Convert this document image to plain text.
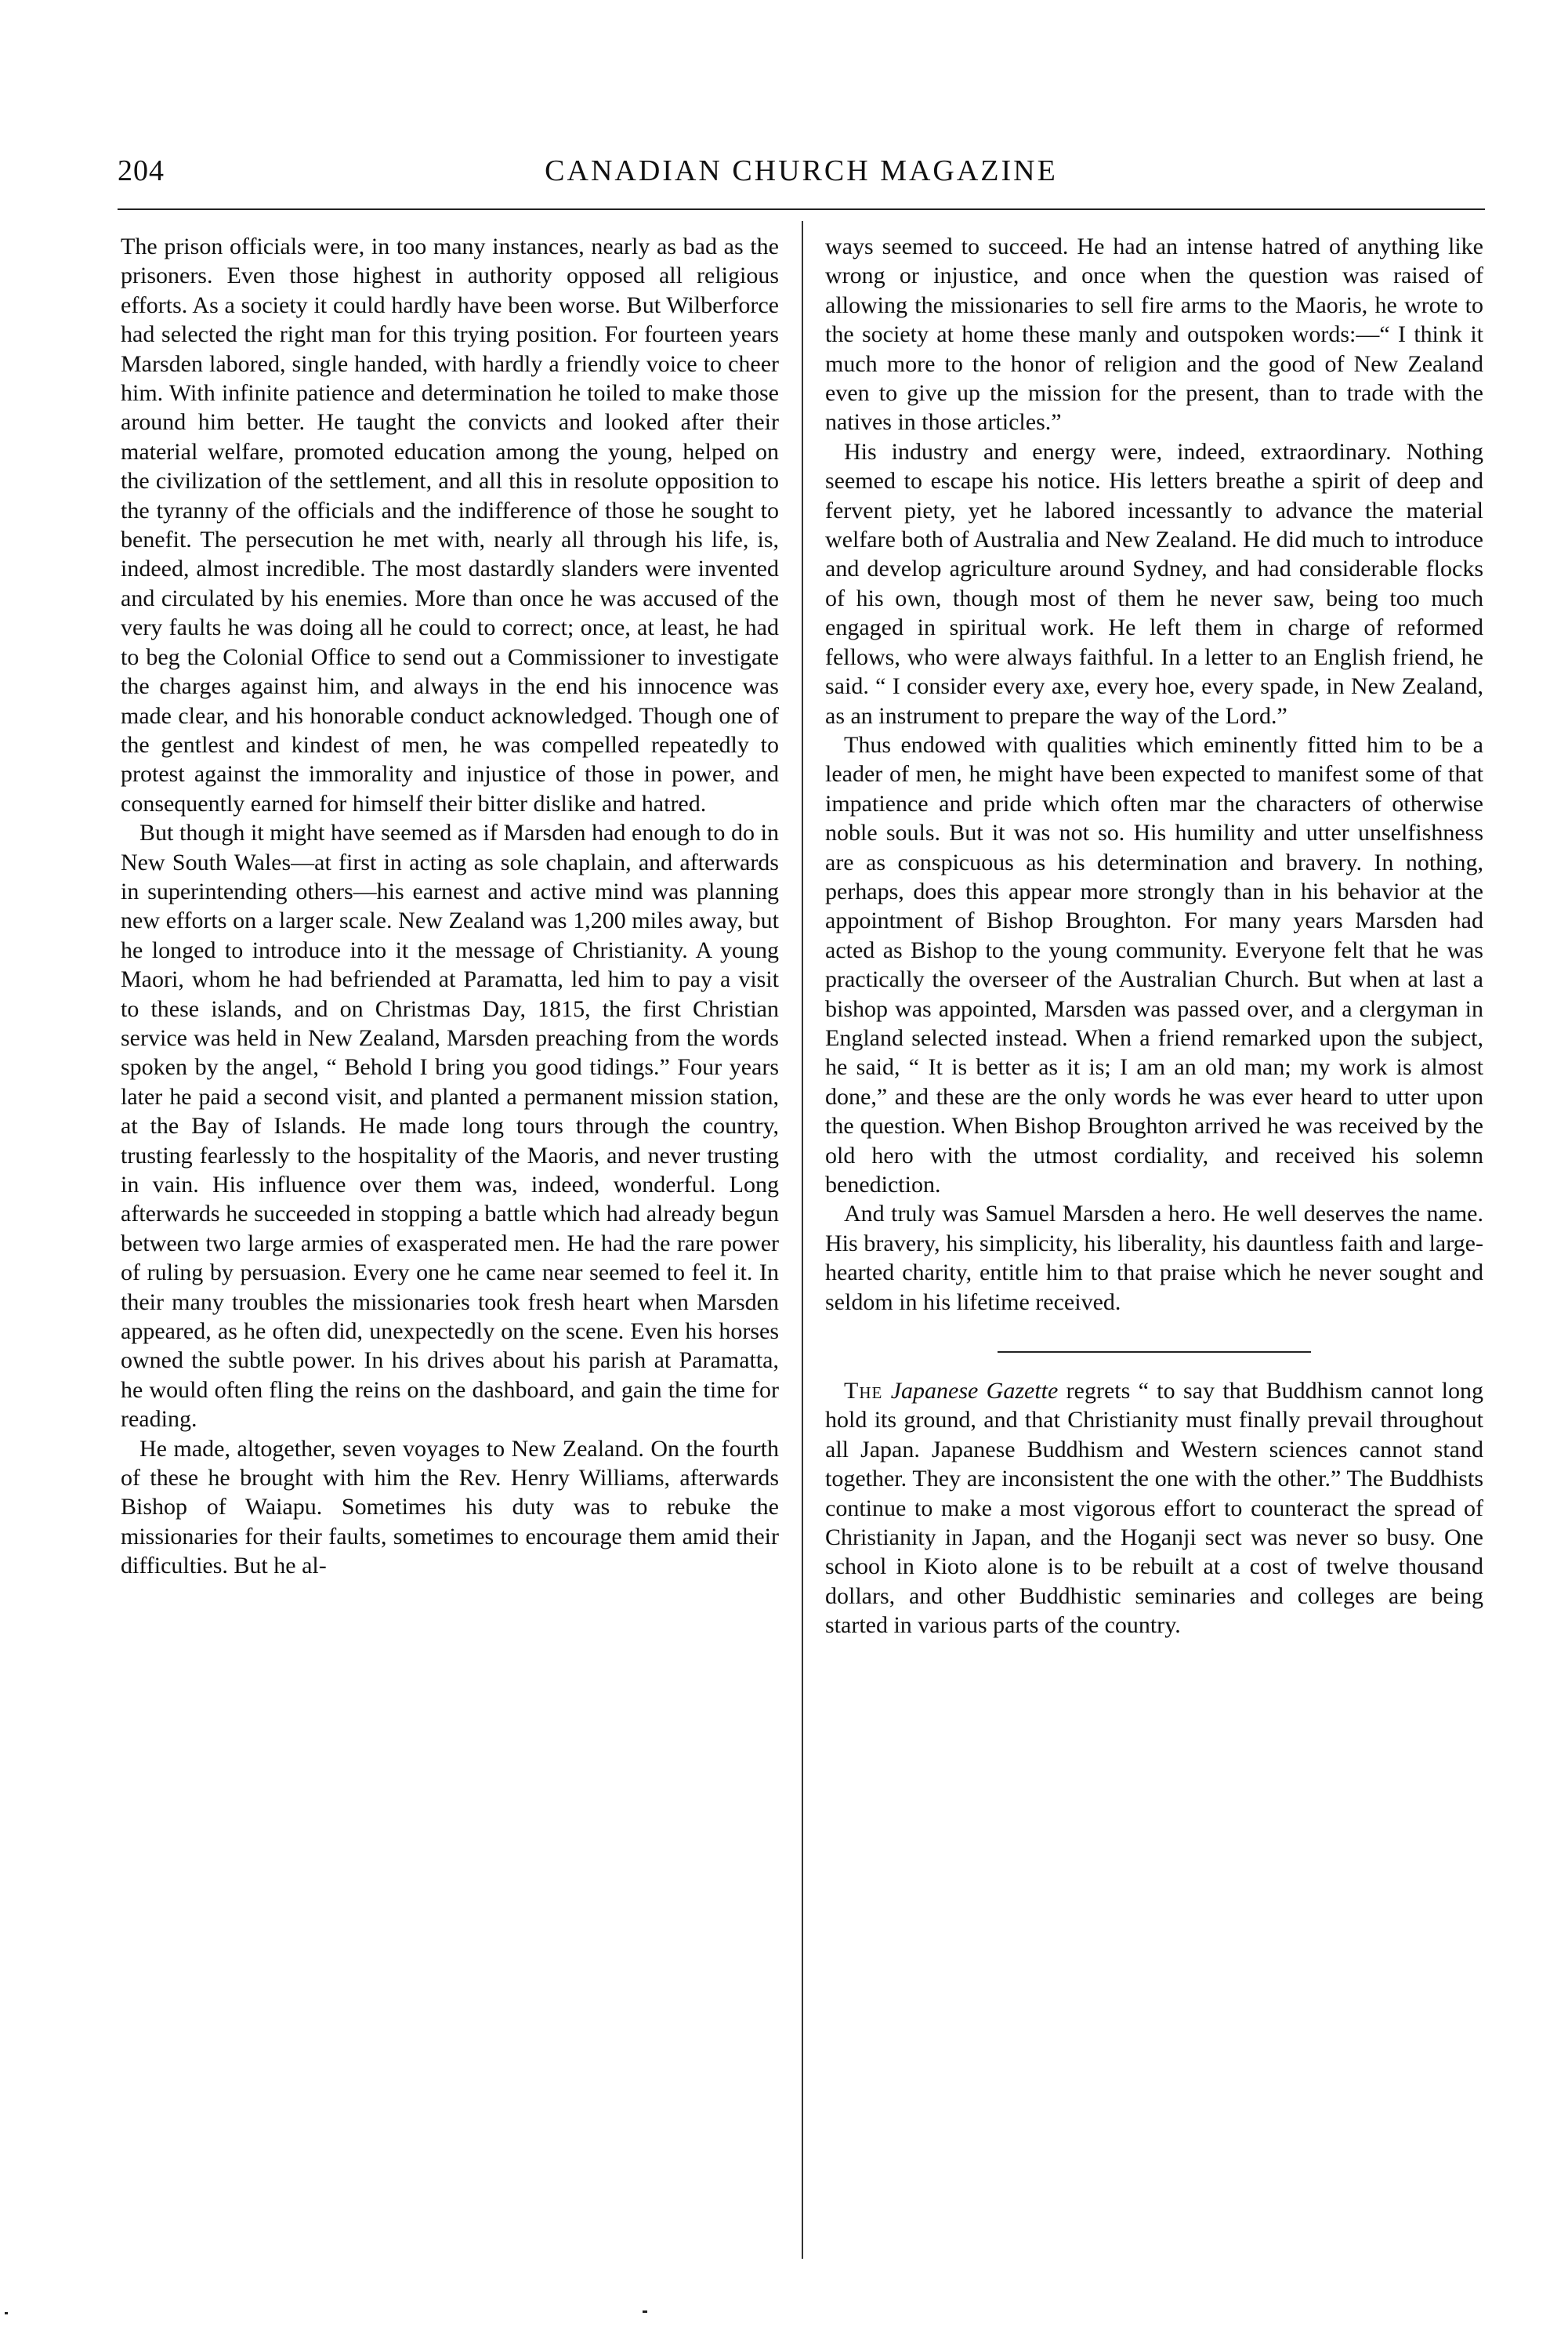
204	CANADIAN CHURCH MAGAZINE

The prison officials were, in too many instances, nearly as bad as the prisoners. Even those highest in authority opposed all religious efforts. As a society it could hardly have been worse. But Wilberforce had selected the right man for this trying position. For fourteen years Marsden labored, single handed, with hardly a friendly voice to cheer him. With infinite patience and determination he toiled to make those around him better. He taught the convicts and looked after their material welfare, promoted education among the young, helped on the civilization of the settlement, and all this in resolute opposition to the tyranny of the officials and the indifference of those he sought to benefit. The persecution he met with, nearly all through his life, is, indeed, almost incredible. The most dastardly slanders were invented and circulated by his enemies. More than once he was accused of the very faults he was doing all he could to correct; once, at least, he had to beg the Colonial Office to send out a Commissioner to investigate the charges against him, and always in the end his innocence was made clear, and his honorable conduct acknowledged. Though one of the gentlest and kindest of men, he was compelled repeatedly to protest against the immorality and injustice of those in power, and consequently earned for himself their bitter dislike and hatred.

But though it might have seemed as if Marsden had enough to do in New South Wales—at first in acting as sole chaplain, and afterwards in superintending others—his earnest and active mind was planning new efforts on a larger scale. New Zealand was 1,200 miles away, but he longed to introduce into it the message of Christianity. A young Maori, whom he had befriended at Paramatta, led him to pay a visit to these islands, and on Christmas Day, 1815, the first Christian service was held in New Zealand, Marsden preaching from the words spoken by the angel, “ Behold I bring you good tidings.” Four years later he paid a second visit, and planted a permanent mission station, at the Bay of Islands. He made long tours through the country, trusting fearlessly to the hospitality of the Maoris, and never trusting in vain. His influence over them was, indeed, wonderful. Long afterwards he succeeded in stopping a battle which had already begun between two large armies of exasperated men. He had the rare power of ruling by persuasion. Every one he came near seemed to feel it. In their many troubles the missionaries took fresh heart when Marsden appeared, as he often did, unexpectedly on the scene. Even his horses owned the subtle power. In his drives about his parish at Paramatta, he would often fling the reins on the dashboard, and gain the time for reading.

He made, altogether, seven voyages to New Zealand. On the fourth of these he brought with him the Rev. Henry Williams, afterwards Bishop of Waiapu. Sometimes his duty was to rebuke the missionaries for their faults, sometimes to encourage them amid their difficulties. But he al-

ways seemed to succeed. He had an intense hatred of anything like wrong or injustice, and once when the question was raised of allowing the missionaries to sell fire arms to the Maoris, he wrote to the society at home these manly and outspoken words:—“ I think it much more to the honor of religion and the good of New Zealand even to give up the mission for the present, than to trade with the natives in those articles.”

His industry and energy were, indeed, extraordinary. Nothing seemed to escape his notice. His letters breathe a spirit of deep and fervent piety, yet he labored incessantly to advance the material welfare both of Australia and New Zealand. He did much to introduce and develop agriculture around Sydney, and had considerable flocks of his own, though most of them he never saw, being too much engaged in spiritual work. He left them in charge of reformed fellows, who were always faithful. In a letter to an English friend, he said. “ I consider every axe, every hoe, every spade, in New Zealand, as an instrument to prepare the way of the Lord.”

Thus endowed with qualities which eminently fitted him to be a leader of men, he might have been expected to manifest some of that impatience and pride which often mar the characters of otherwise noble souls. But it was not so. His humility and utter unselfishness are as conspicuous as his determination and bravery. In nothing, perhaps, does this appear more strongly than in his behavior at the appointment of Bishop Broughton. For many years Marsden had acted as Bishop to the young community. Everyone felt that he was practically the overseer of the Australian Church. But when at last a bishop was appointed, Marsden was passed over, and a clergyman in England selected instead. When a friend remarked upon the subject, he said, “ It is better as it is; I am an old man; my work is almost done,” and these are the only words he was ever heard to utter upon the question. When Bishop Broughton arrived he was received by the old hero with the utmost cordiality, and received his solemn benediction.

And truly was Samuel Marsden a hero. He well deserves the name. His bravery, his simplicity, his liberality, his dauntless faith and large-hearted charity, entitle him to that praise which he never sought and seldom in his lifetime received.

The Japanese Gazette regrets “ to say that Buddhism cannot long hold its ground, and that Christianity must finally prevail throughout all Japan. Japanese Buddhism and Western sciences cannot stand together. They are inconsistent the one with the other.” The Buddhists continue to make a most vigorous effort to counteract the spread of Christianity in Japan, and the Hoganji sect was never so busy. One school in Kioto alone is to be rebuilt at a cost of twelve thousand dollars, and other Buddhistic seminaries and colleges are being started in various parts of the country.
